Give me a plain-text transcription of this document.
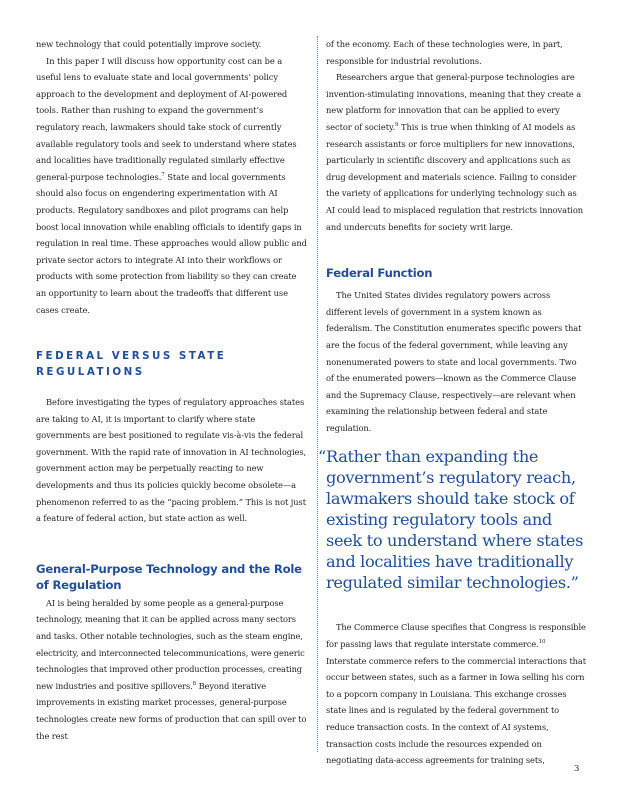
new technology that could potentially improve society.

In this paper I will discuss how opportunity cost can be a useful lens to evaluate state and local governments’ policy approach to the development and deployment of AI-powered tools. Rather than rushing to expand the government’s regulatory reach, lawmakers should take stock of currently available regulatory tools and seek to understand where states and localities have traditionally regulated similarly effective general-purpose technologies.$^7$ State and local governments should also focus on engendering experimentation with AI products. Regulatory sandboxes and pilot programs can help boost local innovation while enabling officials to identify gaps in regulation in real time. These approaches would allow public and private sector actors to integrate AI into their workflows or products with some protection from liability so they can create an opportunity to learn about the tradeoffs that different use cases create.

FEDERAL VERSUS STATE REGULATIONS

Before investigating the types of regulatory approaches states are taking to AI, it is important to clarify where state governments are best positioned to regulate vis-à-vis the federal government. With the rapid rate of innovation in AI technologies, government action may be perpetually reacting to new developments and thus its policies quickly become obsolete—a phenomenon referred to as the “pacing problem.” This is not just a feature of federal action, but state action as well.

General-Purpose Technology and the Role of Regulation

AI is being heralded by some people as a general-purpose technology, meaning that it can be applied across many sectors and tasks. Other notable technologies, such as the steam engine, electricity, and interconnected telecommunications, were generic technologies that improved other production processes, creating new industries and positive spillovers.$^8$ Beyond iterative improvements in existing market processes, general-purpose technologies create new forms of production that can spill over to the rest

of the economy. Each of these technologies were, in part, responsible for industrial revolutions.

Researchers argue that general-purpose technologies are invention-stimulating innovations, meaning that they create a new platform for innovation that can be applied to every sector of society.$^9$ This is true when thinking of AI models as research assistants or force multipliers for new innovations, particularly in scientific discovery and applications such as drug development and materials science. Failing to consider the variety of applications for underlying technology such as AI could lead to misplaced regulation that restricts innovation and undercuts benefits for society writ large.

Federal Function

The United States divides regulatory powers across different levels of government in a system known as federalism. The Constitution enumerates specific powers that are the focus of the federal government, while leaving any nonenumerated powers to state and local governments. Two of the enumerated powers—known as the Commerce Clause and the Supremacy Clause, respectively—are relevant when examining the relationship between federal and state regulation.

“ Rather than expanding the government’s regulatory reach, lawmakers should take stock of existing regulatory tools and seek to understand where states and localities have traditionally regulated similar technologies.”

The Commerce Clause specifies that Congress is responsible for passing laws that regulate interstate commerce.$^{10}$ Interstate commerce refers to the commercial interactions that occur between states, such as a farmer in Iowa selling his corn to a popcorn company in Louisiana. This exchange crosses state lines and is regulated by the federal government to reduce transaction costs. In the context of AI systems, transaction costs include the resources expended on negotiating data-access agreements for training sets,

3
